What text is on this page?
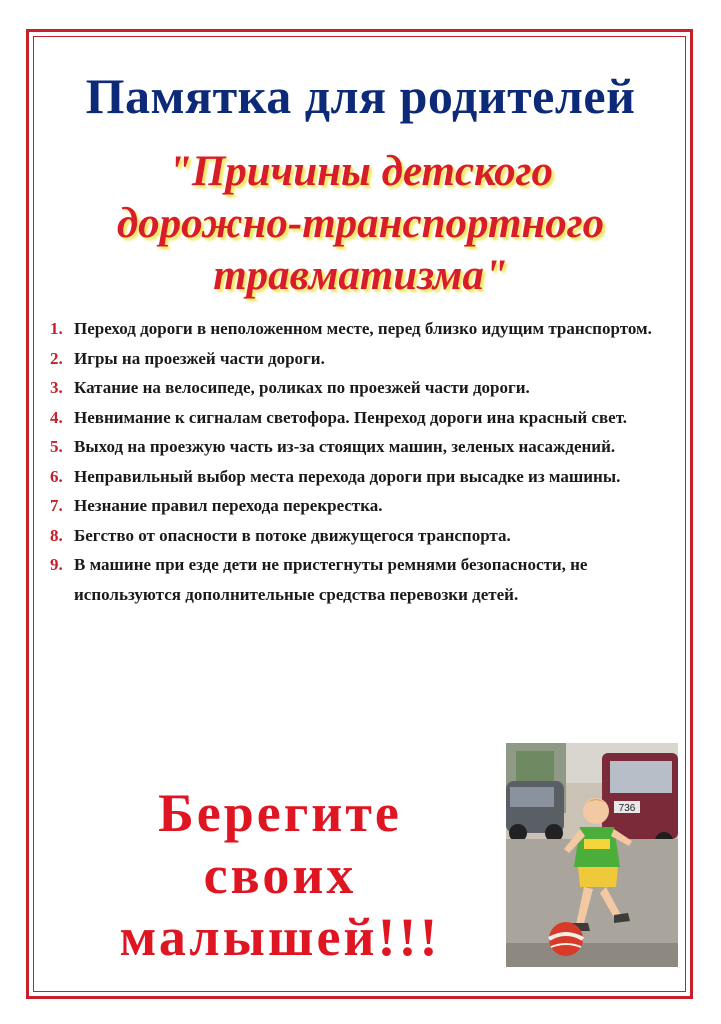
Памятка для родителей
"Причины детского
дорожно-транспортного
травматизма"
1. Переход дороги в неположенном месте, перед близко идущим транспортом.
2. Игры на проезжей части дороги.
3. Катание на велосипеде, роликах по проезжей части дороги.
4. Невнимание к сигналам светофора. Пенреход дороги ина красный свет.
5. Выход на проезжую часть из-за стоящих машин, зеленых насаждений.
6. Неправильный выбор места перехода дороги при высадке из машины.
7. Незнание правил перехода перекрестка.
8. Бегство от опасности в потоке движущегося транспорта.
9. В машине при езде дети не пристегнуты ремнями безопасности, не используются дополнительные средства перевозки детей.
Берегите
своих
малышей!!!
736
